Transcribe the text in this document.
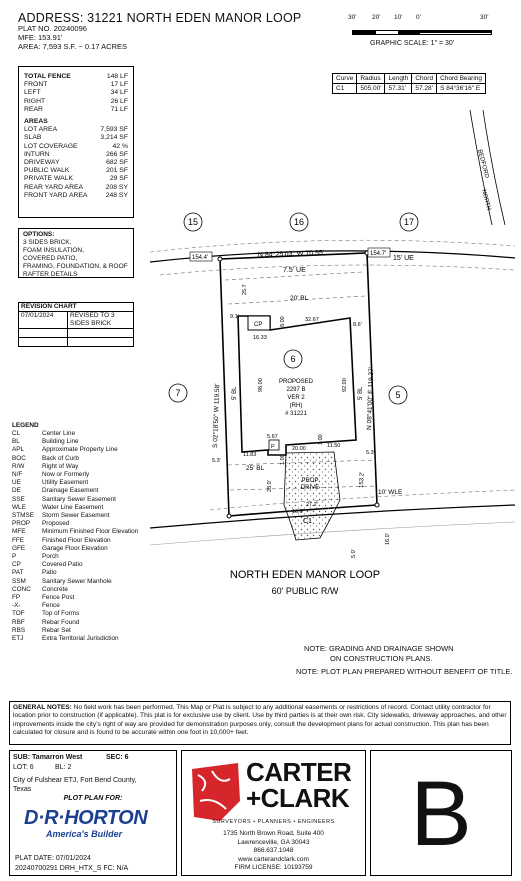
ADDRESS: 31221 NORTH EDEN MANOR LOOP
PLAT NO. 20240096
MFE: 153.91'
AREA: 7,593 S.F. ~ 0.17 ACRES
30' 20' 10' 0'	30'
GRAPHIC SCALE: 1" = 30'
Curve	Radius	Length	Chord	Chord Bearing
C1	505.00'	57.31'	57.28'	S 84°36'16" E
TOTAL FENCE	148 LF
FRONT	17 LF
LEFT	34 LF
RIGHT	26 LF
REAR	71 LF
AREAS
LOT AREA	7,593 SF
SLAB	3,214 SF
LOT COVERAGE	42 %
INTURN	266 SF
DRIVEWAY	682 SF
PUBLIC WALK	201 SF
PRIVATE WALK	29 SF
REAR YARD AREA	208 SY
FRONT YARD AREA	248 SY
OPTIONS:
3 SIDES BRICK,
FOAM INSULATION,
COVERED PATIO,
FRAMING, FOUNDATION, & ROOF
RAFTER DETAILS
REVISION CHART	
07/01/2024	REVISED TO 3 SIDES BRICK

LEGEND
CL	Center Line
BL	Building Line
APL	Approximate Property Line
BOC	Back of Curb
R/W	Right of Way
N/F	Now or Formerly
UE	Utility Easement
DE	Drainage Easement
SSE	Sanitary Sewer Easement
WLE	Water Line Easement
STMSE	Storm Sewer Easement
PROP	Proposed
MFE	Minimum Finished Floor Elevation
FFE	Finished Floor Elevation
GFE	Garage Floor Elevation
P	Porch
CP	Covered Patio
PAT	Patio
SSM	Sanitary Sewer Manhole
CONC	Concrete
FP	Fence Post
-X-	Fence
TOF	Top of Forms
RBF	Rebar Found
RBS	Rebar Set
ETJ	Extra Territorial Jurisdiction
BEDFORD
NORTH
15	16	17
7
6
5
CP
P
PROPOSED
2297 B
VER 2
(RH)
# 31221
PROP DRIVE
C1
N 84°25'03" W 70.55'
S 02°18'50" W 119.58'	N 08°41'00" E 119.37'
154.4'
154.7'
153.2'
7.5' UE
15' UE
20' BL
25' BL
5' BL	5' BL
10' WLE
25.7
9.1'	8.00	32.67
8.6'
16.33
5.3'
5.3'
5.67
20.00
1.00
11.50
11.83
28.0'
16.0'
16.0'
27.2'
5.0'
98.00	92.00
1.00
NORTH EDEN MANOR LOOP
60' PUBLIC R/W
NOTE: GRADING AND DRAINAGE SHOWN
ON CONSTRUCTION PLANS.
NOTE: PLOT PLAN PREPARED WITHOUT BENEFIT OF TITLE.
GENERAL NOTES: No field work has been performed. This Map or Plat is subject to any additional easements or restrictions of record. Contact utility contractor for location prior to construction (if applicable). This plat is for exclusive use by client. Use by third parties is at their own risk. City sidewalks, driveway approaches, and other improvements inside the city's right of way are provided for demonstration purposes only, consult the development plans for actual construction. This plan has been calculated for closure and is found to be accurate within one foot in 10,000+ feet.
SUB: Tamarron West	SEC: 6
LOT: 6	BL: 2
City of Fulshear ETJ, Fort Bend County,
Texas
PLOT PLAN FOR:
D·R·HORTON
America's Builder
PLAT DATE: 07/01/2024
20240700291 DRH_HTX_S FC: N/A
CARTER
+CLARK
SURVEYORS • PLANNERS • ENGINEERS
1735 North Brown Road, Suite 400
Lawrenceville, GA 30043
866.637.1048
www.carterandclark.com
FIRM LICENSE: 10193759
B
